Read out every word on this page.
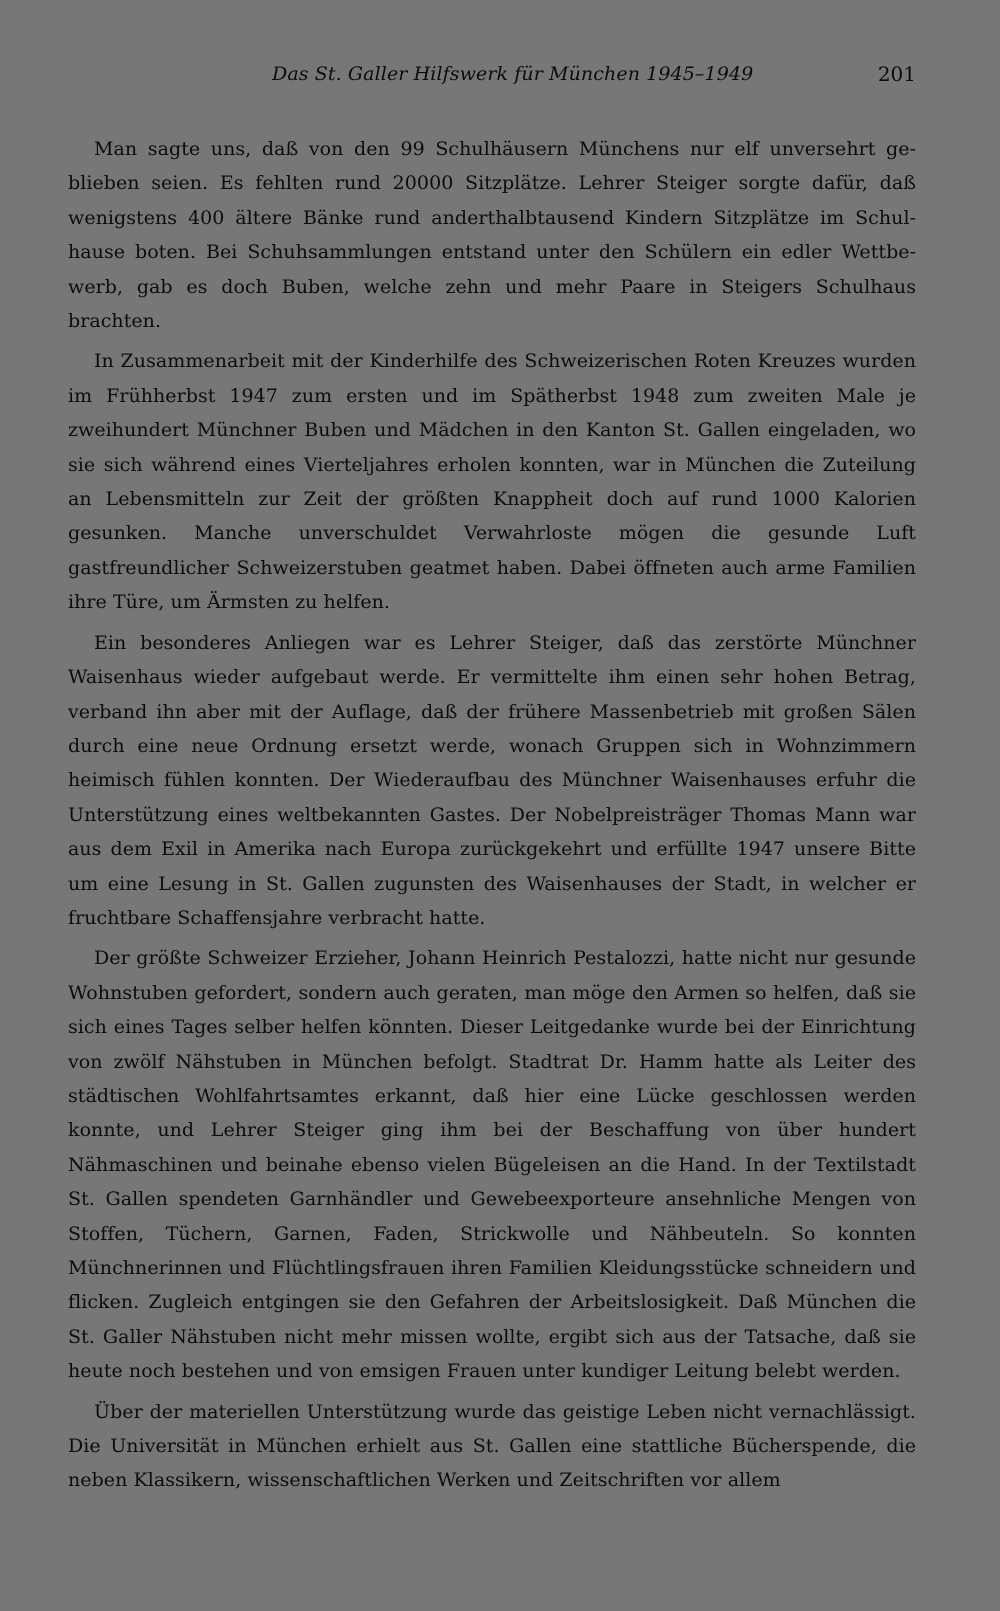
Das St. Galler Hilfswerk für München 1945–1949	201

Man sagte uns, daß von den 99 Schulhäusern Münchens nur elf unversehrt geblieben seien. Es fehlten rund 20000 Sitzplätze. Lehrer Steiger sorgte dafür, daß wenigstens 400 ältere Bänke rund anderthalbtausend Kindern Sitzplätze im Schulhause boten. Bei Schuhsammlungen entstand unter den Schülern ein edler Wettbewerb, gab es doch Buben, welche zehn und mehr Paare in Steigers Schulhaus brachten.

In Zusammenarbeit mit der Kinderhilfe des Schweizerischen Roten Kreuzes wurden im Frühherbst 1947 zum ersten und im Spätherbst 1948 zum zweiten Male je zweihundert Münchner Buben und Mädchen in den Kanton St. Gallen eingeladen, wo sie sich während eines Vierteljahres erholen konnten, war in München die Zuteilung an Lebensmitteln zur Zeit der größten Knappheit doch auf rund 1000 Kalorien gesunken. Manche unverschuldet Verwahrloste mögen die gesunde Luft gastfreundlicher Schweizerstuben geatmet haben. Dabei öffneten auch arme Familien ihre Türe, um Ärmsten zu helfen.

Ein besonderes Anliegen war es Lehrer Steiger, daß das zerstörte Münchner Waisenhaus wieder aufgebaut werde. Er vermittelte ihm einen sehr hohen Betrag, verband ihn aber mit der Auflage, daß der frühere Massenbetrieb mit großen Sälen durch eine neue Ordnung ersetzt werde, wonach Gruppen sich in Wohnzimmern heimisch fühlen konnten. Der Wiederaufbau des Münchner Waisenhauses erfuhr die Unterstützung eines weltbekannten Gastes. Der Nobelpreisträger Thomas Mann war aus dem Exil in Amerika nach Europa zurückgekehrt und erfüllte 1947 unsere Bitte um eine Lesung in St. Gallen zugunsten des Waisenhauses der Stadt, in welcher er fruchtbare Schaffensjahre verbracht hatte.

Der größte Schweizer Erzieher, Johann Heinrich Pestalozzi, hatte nicht nur gesunde Wohnstuben gefordert, sondern auch geraten, man möge den Armen so helfen, daß sie sich eines Tages selber helfen könnten. Dieser Leitgedanke wurde bei der Einrichtung von zwölf Nähstuben in München befolgt. Stadtrat Dr. Hamm hatte als Leiter des städtischen Wohlfahrtsamtes erkannt, daß hier eine Lücke geschlossen werden konnte, und Lehrer Steiger ging ihm bei der Beschaffung von über hundert Nähmaschinen und beinahe ebenso vielen Bügeleisen an die Hand. In der Textilstadt St. Gallen spendeten Garnhändler und Gewebeexporteure ansehnliche Mengen von Stoffen, Tüchern, Garnen, Faden, Strickwolle und Nähbeuteln. So konnten Münchnerinnen und Flüchtlingsfrauen ihren Familien Kleidungsstücke schneidern und flicken. Zugleich entgingen sie den Gefahren der Arbeitslosigkeit. Daß München die St. Galler Nähstuben nicht mehr missen wollte, ergibt sich aus der Tatsache, daß sie heute noch bestehen und von emsigen Frauen unter kundiger Leitung belebt werden.

Über der materiellen Unterstützung wurde das geistige Leben nicht vernachlässigt. Die Universität in München erhielt aus St. Gallen eine stattliche Bücherspende, die neben Klassikern, wissenschaftlichen Werken und Zeitschriften vor allem
